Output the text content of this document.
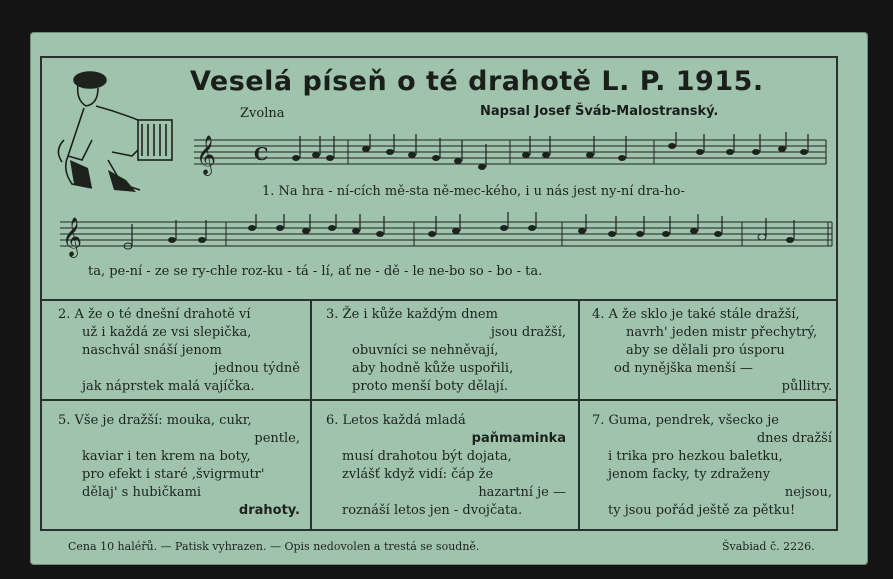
Veselá píseň o té drahotě L. P. 1915.
Napsal Josef Šváb-Malostranský.
Zvolna
𝄞 C
1. Na hra - ní-cích mě-sta ně-mec-kého, i u nás jest ny-ní dra-ho-
𝄞
ta, pe-ní - ze se ry-chle roz-ku - tá - lí, ať ne - dě - le ne-bo so - bo - ta.
2. A že o té dnešní drahotě ví
už i každá ze vsi slepička,
naschvál snáší jenom
jednou týdně
jak náprstek malá vajíčka.
3. Že i kůže každým dnem
jsou dražší,
obuvníci se nehněvají,
aby hodně kůže uspořili,
proto menší boty dělají.
4. A že sklo je také stále dražší,
navrh' jeden mistr přechytrý,
aby se dělali pro úsporu
od nynějška menší —
půllitry.
5. Vše je dražší: mouka, cukr,
pentle,
kaviar i ten krem na boty,
pro efekt i staré ,švigrmutr'
dělaj' s hubičkami
drahoty.
6. Letos každá mladá
paňmaminka
musí drahotou být dojata,
zvlášť když vidí: čáp že
hazartní je —
roznáší letos jen - dvojčata.
7. Guma, pendrek, všecko je
dnes dražší
i trika pro hezkou baletku,
jenom facky, ty zdraženy
nejsou,
ty jsou pořád ještě za pětku!
Cena 10 haléřů. — Patisk vyhrazen. — Opis nedovolen a trestá se soudně.	Švabiad č. 2226.
